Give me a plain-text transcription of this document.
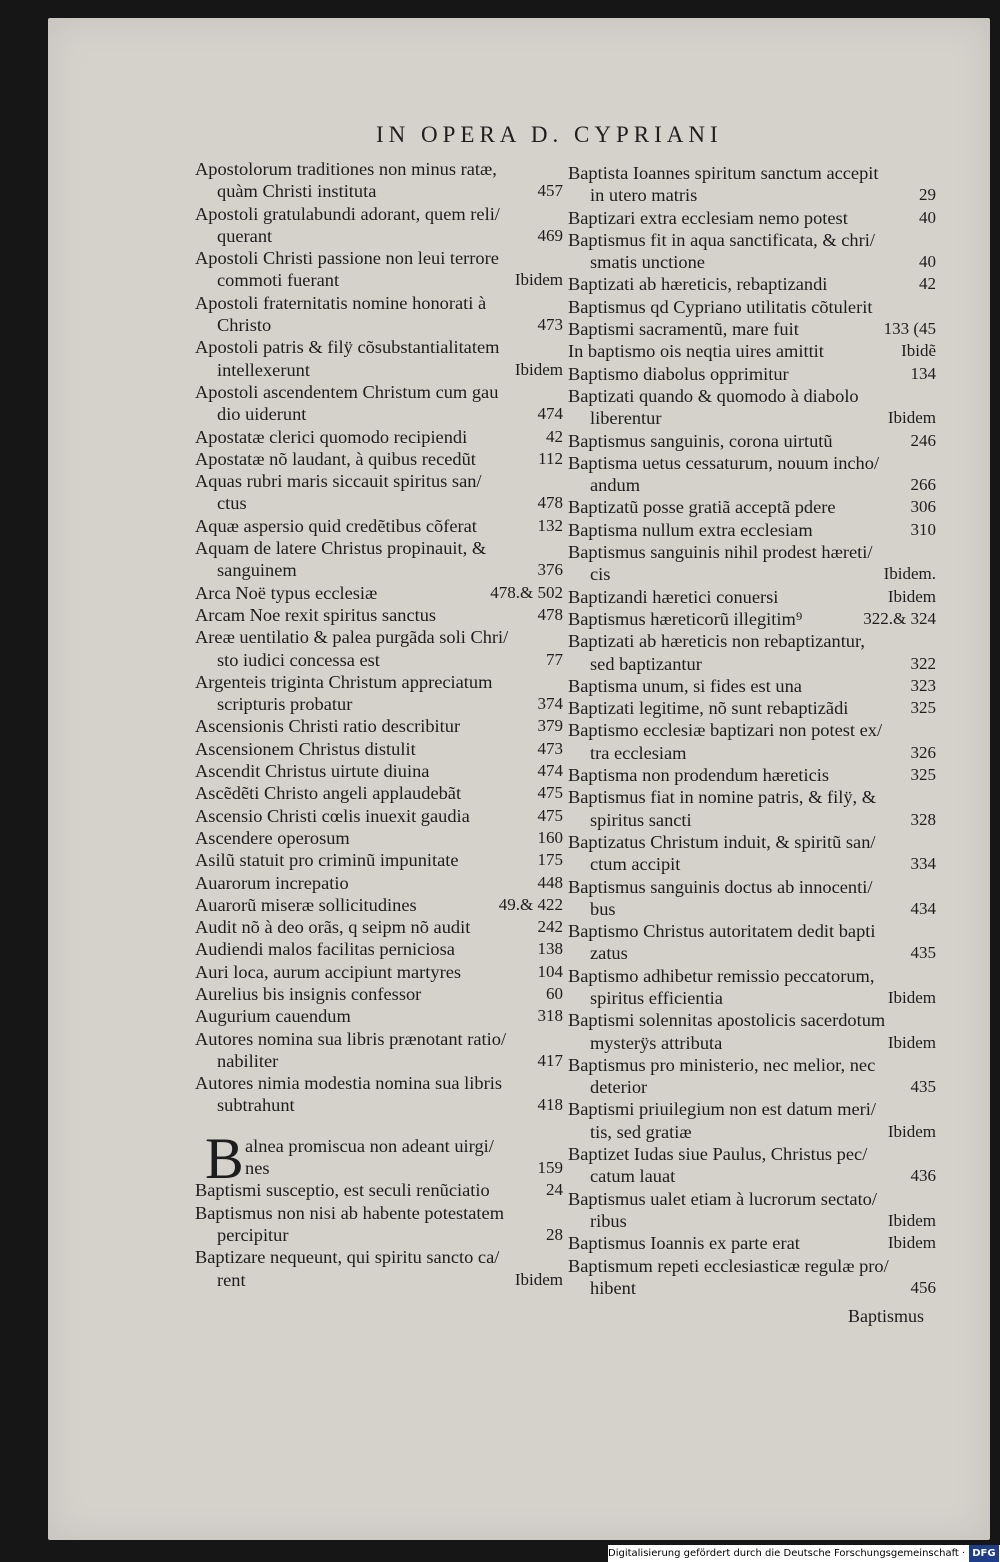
IN OPERA D. CYPRIANI
Apostolorum traditiones non minus ratæ,
quàm Christi instituta	457
Apostoli gratulabundi adorant, quem reli/
querant	469
Apostoli Christi passione non leui terrore
commoti fuerant	Ibidem
Apostoli fraternitatis nomine honorati à
Christo	473
Apostoli patris & filÿ cõsubstantialitatem
intellexerunt	Ibidem
Apostoli ascendentem Christum cum gau
dio uiderunt	474
Apostatæ clerici quomodo recipiendi	42
Apostatæ nõ laudant, à quibus recedũt	112
Aquas rubri maris siccauit spiritus san/
ctus	478
Aquæ aspersio quid credẽtibus cõferat	132
Aquam de latere Christus propinauit, &
sanguinem	376
Arca Noë typus ecclesiæ	478.& 502
Arcam Noe rexit spiritus sanctus	478
Areæ uentilatio & palea purgãda soli Chri/
sto iudici concessa est	77
Argenteis triginta Christum appreciatum
scripturis probatur	374
Ascensionis Christi ratio describitur	379
Ascensionem Christus distulit	473
Ascendit Christus uirtute diuina	474
Ascẽdẽti Christo angeli applaudebãt	475
Ascensio Christi cœlis inuexit gaudia	475
Ascendere operosum	160
Asilũ statuit pro criminũ impunitate	175
Auarorum increpatio	448
Auarorũ miseræ sollicitudines	49.& 422
Audit nõ à deo orãs, q seipm nõ audit	242
Audiendi malos facilitas perniciosa	138
Auri loca, aurum accipiunt martyres	104
Aurelius bis insignis confessor	60
Augurium cauendum	318
Autores nomina sua libris prænotant ratio/
nabiliter	417
Autores nimia modestia nomina sua libris
subtrahunt	418
B alnea promiscua non adeant uirgi/
nes	159
Baptismi susceptio, est seculi renũciatio	24
Baptismus non nisi ab habente potestatem
percipitur	28
Baptizare nequeunt, qui spiritu sancto ca/
rent	Ibidem
Baptista Ioannes spiritum sanctum accepit
in utero matris	29
Baptizari extra ecclesiam nemo potest	40
Baptismus fit in aqua sanctificata, & chri/
smatis unctione	40
Baptizati ab hæreticis, rebaptizandi	42
Baptismus qd Cypriano utilitatis cõtulerit
Baptismi sacramentũ, mare fuit	133 (45
In baptismo ois neqtia uires amittit	Ibidẽ
Baptismo diabolus opprimitur	134
Baptizati quando & quomodo à diabolo
liberentur	Ibidem
Baptismus sanguinis, corona uirtutũ	246
Baptisma uetus cessaturum, nouum incho/
andum	266
Baptizatũ posse gratiã acceptã pdere	306
Baptisma nullum extra ecclesiam	310
Baptismus sanguinis nihil prodest hæreti/
cis	Ibidem.
Baptizandi hæretici conuersi	Ibidem
Baptismus hæreticorũ illegitim⁹	322.& 324
Baptizati ab hæreticis non rebaptizantur,
sed baptizantur	322
Baptisma unum, si fides est una	323
Baptizati legitime, nõ sunt rebaptizãdi	325
Baptismo ecclesiæ baptizari non potest ex/
tra ecclesiam	326
Baptisma non prodendum hæreticis	325
Baptismus fiat in nomine patris, & filÿ, &
spiritus sancti	328
Baptizatus Christum induit, & spiritũ san/
ctum accipit	334
Baptismus sanguinis doctus ab innocenti/
bus	434
Baptismo Christus autoritatem dedit bapti
zatus	435
Baptismo adhibetur remissio peccatorum,
spiritus efficientia	Ibidem
Baptismi solennitas apostolicis sacerdotum
mysterÿs attributa	Ibidem
Baptismus pro ministerio, nec melior, nec
deterior	435
Baptismi priuilegium non est datum meri/
tis, sed gratiæ	Ibidem
Baptizet Iudas siue Paulus, Christus pec/
catum lauat	436
Baptismus ualet etiam à lucrorum sectato/
ribus	Ibidem
Baptismus Ioannis ex parte erat	Ibidem
Baptismum repeti ecclesiasticæ regulæ pro/
hibent	456
Baptismus
Digitalisierung gefördert durch die Deutsche Forschungsgemeinschaft · DFG
